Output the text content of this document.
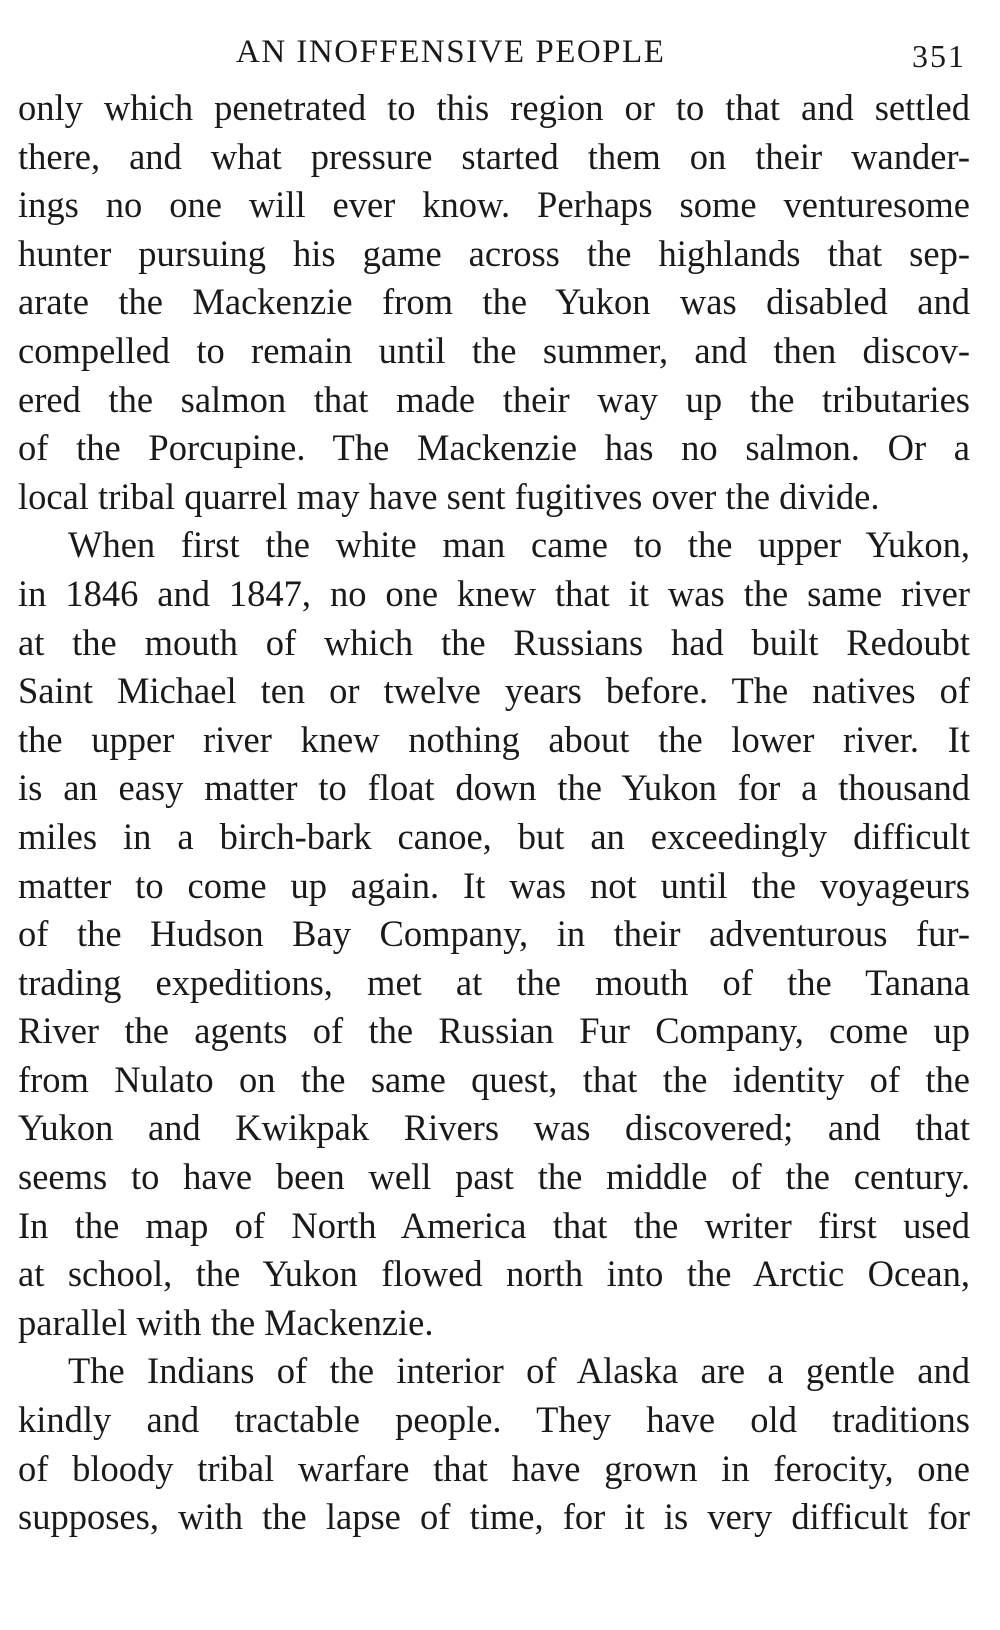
AN INOFFENSIVE PEOPLE	351
only which penetrated to this region or to that and settled
there, and what pressure started them on their wander-
ings no one will ever know. Perhaps some venturesome
hunter pursuing his game across the highlands that sep-
arate the Mackenzie from the Yukon was disabled and
compelled to remain until the summer, and then discov-
ered the salmon that made their way up the tributaries
of the Porcupine. The Mackenzie has no salmon. Or a
local tribal quarrel may have sent fugitives over the divide.
When first the white man came to the upper Yukon,
in 1846 and 1847, no one knew that it was the same river
at the mouth of which the Russians had built Redoubt
Saint Michael ten or twelve years before. The natives of
the upper river knew nothing about the lower river. It
is an easy matter to float down the Yukon for a thousand
miles in a birch-bark canoe, but an exceedingly difficult
matter to come up again. It was not until the voyageurs
of the Hudson Bay Company, in their adventurous fur-
trading expeditions, met at the mouth of the Tanana
River the agents of the Russian Fur Company, come up
from Nulato on the same quest, that the identity of the
Yukon and Kwikpak Rivers was discovered; and that
seems to have been well past the middle of the century.
In the map of North America that the writer first used
at school, the Yukon flowed north into the Arctic Ocean,
parallel with the Mackenzie.
The Indians of the interior of Alaska are a gentle and
kindly and tractable people. They have old traditions
of bloody tribal warfare that have grown in ferocity, one
supposes, with the lapse of time, for it is very difficult for
